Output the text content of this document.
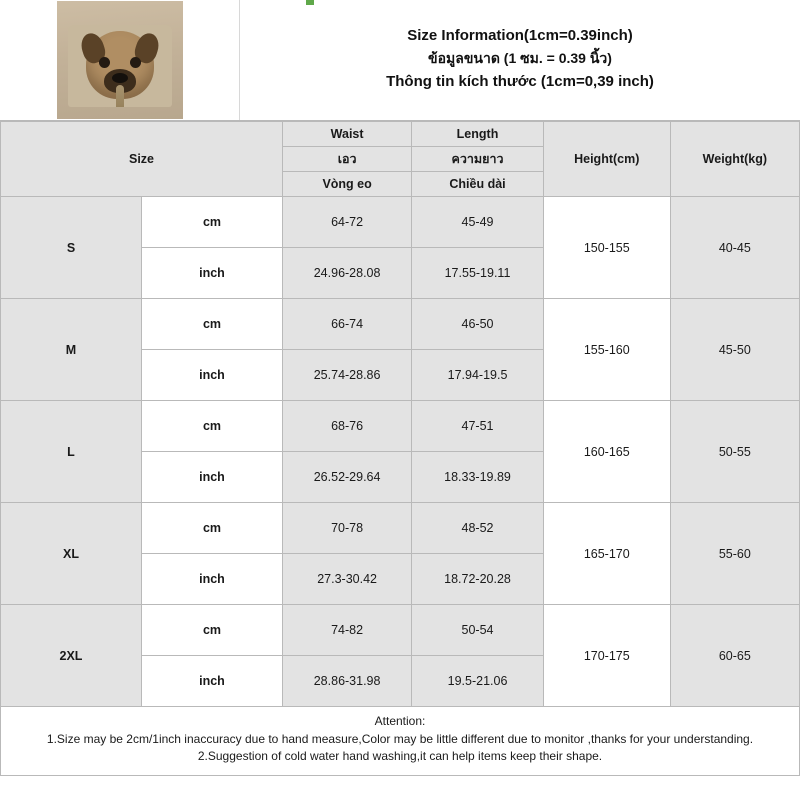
Size Information(1cm=0.39inch)
ข้อมูลขนาด (1 ซม. = 0.39 นิ้ว)
Thông tin kích thước (1cm=0,39 inch)
Size		Waist	Length	Height(cm)	Weight(kg)
		เอว	ความยาว		
		Vòng eo	Chiều dài		
S	cm	64-72	45-49	150-155	40-45
	inch	24.96-28.08	17.55-19.11		
M	cm	66-74	46-50	155-160	45-50
	inch	25.74-28.86	17.94-19.5		
L	cm	68-76	47-51	160-165	50-55
	inch	26.52-29.64	18.33-19.89		
XL	cm	70-78	48-52	165-170	55-60
	inch	27.3-30.42	18.72-20.28		
2XL	cm	74-82	50-54	170-175	60-65
	inch	28.86-31.98	19.5-21.06		
Attention:
1.Size may be 2cm/1inch inaccuracy due to hand measure,Color may be little different due to monitor ,thanks for your understanding.
2.Suggestion of cold water hand washing,it can help items keep their shape.
